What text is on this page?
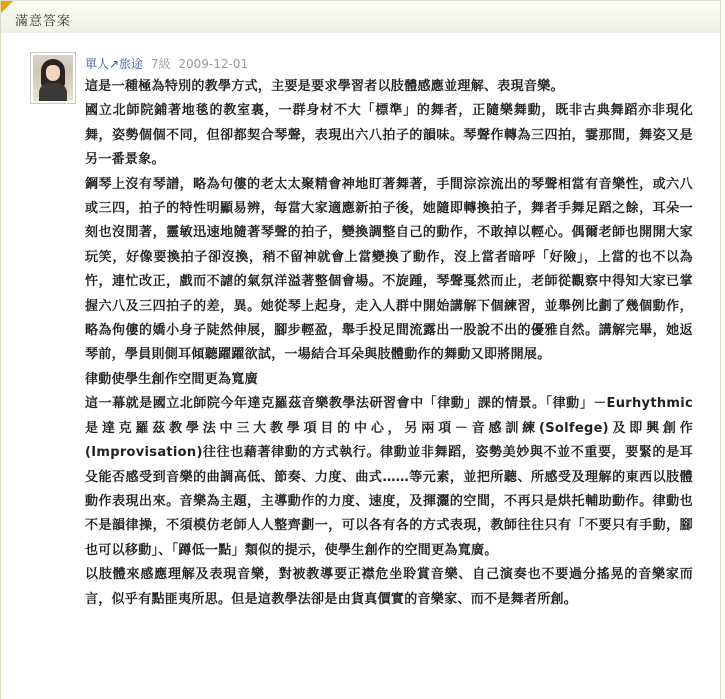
滿意答案
單人↗旅途 7級 2009-12-01

這是一種極為特別的教學方式，主要是要求學習者以肢體感應並理解、表現音樂。

國立北師院鋪著地毯的教室裏，一群身材不大「標準」的舞者，正隨樂舞動，既非古典舞蹈亦非現化舞，姿勢個個不同，但卻都契合琴聲，表現出六八拍子的韻味。琴聲作轉為三四拍，霎那間，舞姿又是另一番景象。

鋼琴上沒有琴譜，略為句僂的老太太聚精會神地盯著舞著，手間淙淙流出的琴聲相當有音樂性，或六八或三四，拍子的特性明顯易辨，每當大家適應新拍子後，她隨即轉換拍子，舞者手舞足蹈之餘，耳朵一刻也沒閒著，靈敏迅速地隨著琴聲的拍子，變換調整自己的動作，不敢掉以輕心。偶爾老師也開開大家玩笑，好像要換拍子卻沒換，稍不留神就會上當變換了動作，沒上當者暗呼「好險」，上當的也不以為忤，連忙改正，戲而不謔的氣氛洋溢著整個會場。不旋踵，琴聲戛然而止，老師從觀察中得知大家已掌握六八及三四拍子的差，異。她從琴上起身，走入人群中開始講解下個練習，並舉例比劃了幾個動作，略為佝僂的嬌小身子陡然伸展，腳步輕盈，舉手投足間流露出一股說不出的優雅自然。講解完畢，她返琴前，學員則側耳傾聽躍躍欲試，一場結合耳朵與肢體動作的舞動又即將開展。

律動使學生創作空間更為寬廣

這一幕就是國立北師院今年達克羅茲音樂教學法研習會中「律動」課的情景。「律動」－Eurhythmic是達克羅茲教學法中三大教學項目的中心，另兩項－音感訓練(Solfege)及即興創作(Improvisation)往往也藉著律動的方式執行。律動並非舞蹈，姿勢美妙與不並不重要，要緊的是耳殳能否感受到音樂的曲調高低、節奏、力度、曲式……等元素，並把所聽、所感受及理解的東西以肢體動作表現出來。音樂為主題，主導動作的力度、速度，及揮灑的空間，不再只是烘托輔助動作。律動也不是韻律操，不須模仿老師人人整齊劃一，可以各有各的方式表現，教師往往只有「不要只有手動，腳也可以移動」、「蹲低一點」類似的提示，使學生創作的空間更為寬廣。

以肢體來感應理解及表現音樂，對被教導要正襟危坐聆賞音樂、自己演奏也不要過分搖晃的音樂家而言，似乎有點匪夷所思。但是這教學法卻是由貨真價實的音樂家、而不是舞者所創。
